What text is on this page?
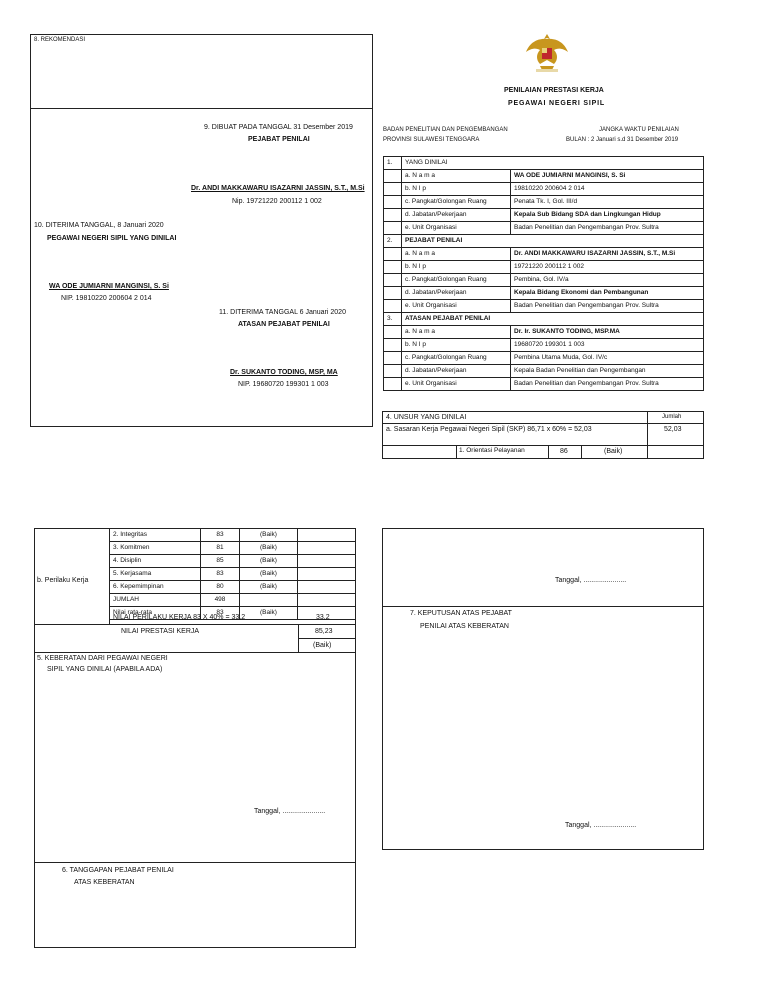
8. REKOMENDASI
9. DIBUAT PADA TANGGAL 31 Desember 2019
PEJABAT PENILAI
Dr. ANDI MAKKAWARU ISAZARNI JASSIN, S.T., M.Si
Nip. 19721220 200112 1 002
10. DITERIMA TANGGAL, 8 Januari 2020
PEGAWAI NEGERI SIPIL YANG DINILAI
WA ODE JUMIARNI MANGINSI, S. Si
NIP. 19810220 200604 2 014
11. DITERIMA TANGGAL 6 Januari 2020
ATASAN PEJABAT PENILAI
Dr. SUKANTO TODING, MSP, MA
NIP. 19680720 199301 1 003
PENILAIAN PRESTASI KERJA
PEGAWAI NEGERI SIPIL
BADAN PENELITIAN DAN PENGEMBANGAN
PROVINSI SULAWESI TENGGARA
JANGKA WAKTU PENILAIAN
BULAN : 2 Januari s.d 31 Desember 2019
1.	YANG DINILAI	
	a. N a m a	WA ODE JUMIARNI MANGINSI, S. Si
	b. N I p	19810220 200604 2 014
	c. Pangkat/Golongan Ruang	Penata Tk. I, Gol. III/d
	d. Jabatan/Pekerjaan	Kepala Sub Bidang SDA dan Lingkungan Hidup
	e. Unit Organisasi	Badan Penelitian dan Pengembangan Prov. Sultra
2.	PEJABAT PENILAI	
	a. N a m a	Dr. ANDI MAKKAWARU ISAZARNI JASSIN, S.T., M.Si
	b. N I p	19721220 200112 1 002
	c. Pangkat/Golongan Ruang	Pembina, Gol. IV/a
	d. Jabatan/Pekerjaan	Kepala Bidang Ekonomi dan Pembangunan
	e. Unit Organisasi	Badan Penelitian dan Pengembangan Prov. Sultra
3.	ATASAN PEJABAT PENILAI	
	a. N a m a	Dr. Ir. SUKANTO TODING, MSP.MA
	b. N I p	19680720 199301 1 003
	c. Pangkat/Golongan Ruang	Pembina Utama Muda, Gol. IV/c
	d. Jabatan/Pekerjaan	Kepala Badan Penelitian dan Pengembangan
	e. Unit Organisasi	Badan Penelitian dan Pengembangan Prov. Sultra
4. UNSUR YANG DINILAI	Jumlah
a. Sasaran Kerja Pegawai Negeri Sipil (SKP) 86,71 x 60% = 52,03	52,03
1. Orientasi Pelayanan	86	(Baik)
b. Perilaku Kerja
2. Integritas	83	(Baik)	
3. Komitmen	81	(Baik)	
4. Disiplin	85	(Baik)	
5. Kerjasama	83	(Baik)	
6. Kepemimpinan	80	(Baik)	
JUMLAH	498		
Nilai rata-rata	83	(Baik)	
NILAI PERILAKU KERJA 83 X 40% = 33,2	33,2
NILAI PRESTASI KERJA	85,23
(Baik)
5. KEBERATAN DARI PEGAWAI NEGERI
SIPIL YANG DINILAI (APABILA ADA)
Tanggal, ......................
6. TANGGAPAN PEJABAT PENILAI
ATAS KEBERATAN
Tanggal, ......................
7. KEPUTUSAN ATAS PEJABAT
PENILAI ATAS KEBERATAN
Tanggal, ......................
